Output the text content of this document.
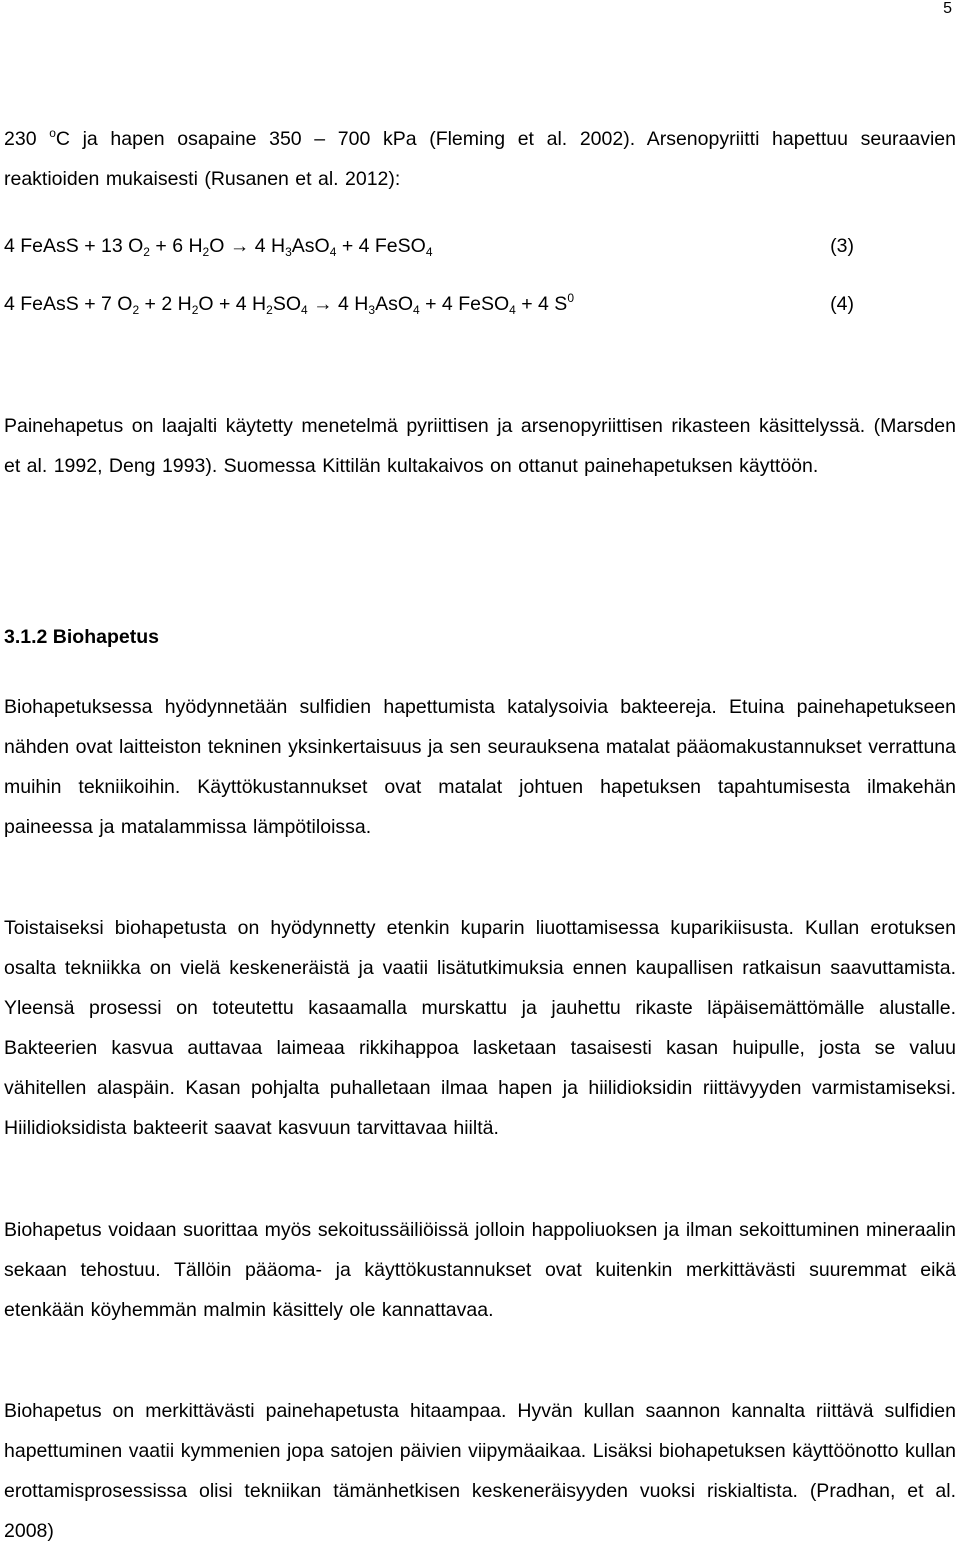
5

230 $^o$C ja hapen osapaine 350 – 700 kPa (Fleming et al. 2002). Arsenopyriitti hapettuu seuraavien reaktioiden mukaisesti (Rusanen et al. 2012):

4 FeAsS + 13 $O_2 + 6$ $H_2O \to 4$ $H_3AsO_4 + 4$ FeSO$_4$	(3)
4 FeAsS + 7 $O_2 + 2$ $H_2O + 4$ $H_2SO_4 \to 4$ $H_3AsO_4 + 4$ FeSO$_4$ + 4 $S^0$	(4)

Painehapetus on laajalti käytetty menetelmä pyriittisen ja arsenopyriittisen rikasteen käsittelyssä. (Marsden et al. 1992, Deng 1993). Suomessa Kittilän kultakaivos on ottanut painehapetuksen käyttöön.

3.1.2 Biohapetus

Biohapetuksessa hyödynnetään sulfidien hapettumista katalysoivia bakteereja. Etuina painehapetukseen nähden ovat laitteiston tekninen yksinkertaisuus ja sen seurauksena matalat pääomakustannukset verrattuna muihin tekniikoihin. Käyttökustannukset ovat matalat johtuen hapetuksen tapahtumisesta ilmakehän paineessa ja matalammissa lämpötiloissa.

Toistaiseksi biohapetusta on hyödynnetty etenkin kuparin liuottamisessa kuparikiisusta. Kullan erotuksen osalta tekniikka on vielä keskeneräistä ja vaatii lisätutkimuksia ennen kaupallisen ratkaisun saavuttamista. Yleensä prosessi on toteutettu kasaamalla murskattu ja jauhettu rikaste läpäisemättömälle alustalle. Bakteerien kasvua auttavaa laimeaa rikkihappoa lasketaan tasaisesti kasan huipulle, josta se valuu vähitellen alaspäin. Kasan pohjalta puhalletaan ilmaa hapen ja hiilidioksidin riittävyyden varmistamiseksi. Hiilidioksidista bakteerit saavat kasvuun tarvittavaa hiiltä.

Biohapetus voidaan suorittaa myös sekoitussäiliöissä jolloin happoliuoksen ja ilman sekoittuminen mineraalin sekaan tehostuu. Tällöin pääoma- ja käyttökustannukset ovat kuitenkin merkittävästi suuremmat eikä etenkään köyhemmän malmin käsittely ole kannattavaa.

Biohapetus on merkittävästi painehapetusta hitaampaa. Hyvän kullan saannon kannalta riittävä sulfidien hapettuminen vaatii kymmenien jopa satojen päivien viipymäaikaa. Lisäksi biohapetuksen käyttöönotto kullan erottamisprosessissa olisi tekniikan tämänhetkisen keskeneräisyyden vuoksi riskialtista. (Pradhan, et al. 2008)
